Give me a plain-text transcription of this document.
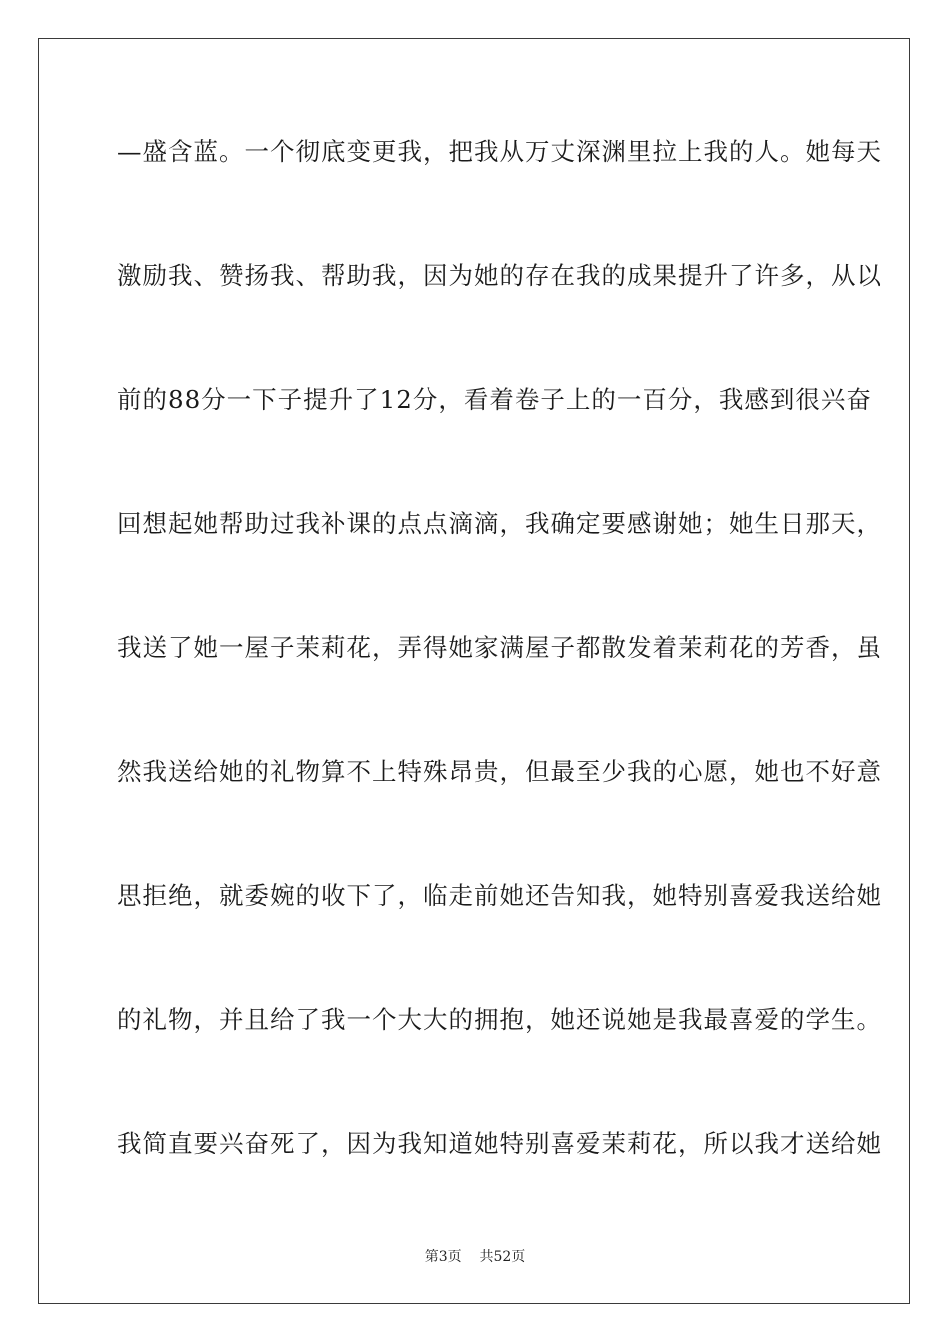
—盛含蓝。一个彻底变更我，把我从万丈深渊里拉上我的人。她每天
激励我、赞扬我、帮助我，因为她的存在我的成果提升了许多，从以
前的88分一下子提升了12分，看着卷子上的一百分，我感到很兴奋
回想起她帮助过我补课的点点滴滴，我确定要感谢她；她生日那天，
我送了她一屋子茉莉花，弄得她家满屋子都散发着茉莉花的芳香，虽
然我送给她的礼物算不上特殊昂贵，但最至少我的心愿，她也不好意
思拒绝，就委婉的收下了，临走前她还告知我，她特别喜爱我送给她
的礼物，并且给了我一个大大的拥抱，她还说她是我最喜爱的学生。
我简直要兴奋死了，因为我知道她特别喜爱茉莉花，所以我才送给她
第3页    共52页
